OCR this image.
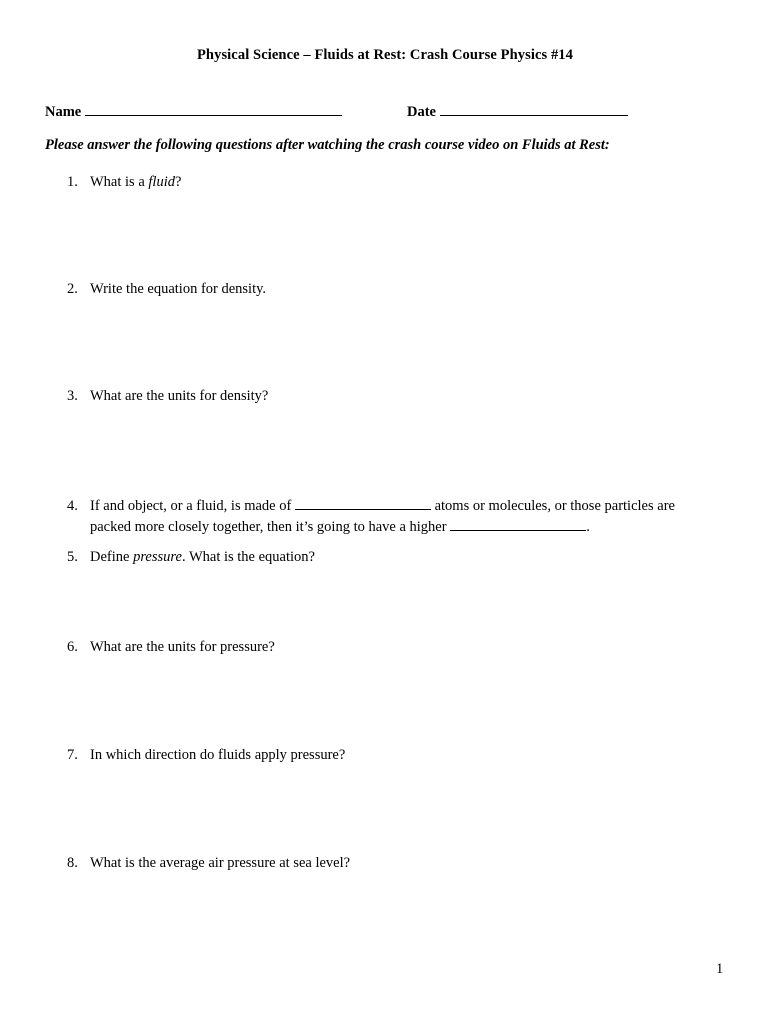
Physical Science – Fluids at Rest: Crash Course Physics #14
Name	Date
Please answer the following questions after watching the crash course video on Fluids at Rest:
1. What is a fluid?
2. Write the equation for density.
3. What are the units for density?
4. If and object, or a fluid, is made of	atoms or molecules, or those particles are
packed more closely together, then it’s going to have a higher	.
5. Define pressure. What is the equation?
6. What are the units for pressure?
7. In which direction do fluids apply pressure?
8. What is the average air pressure at sea level?
1
